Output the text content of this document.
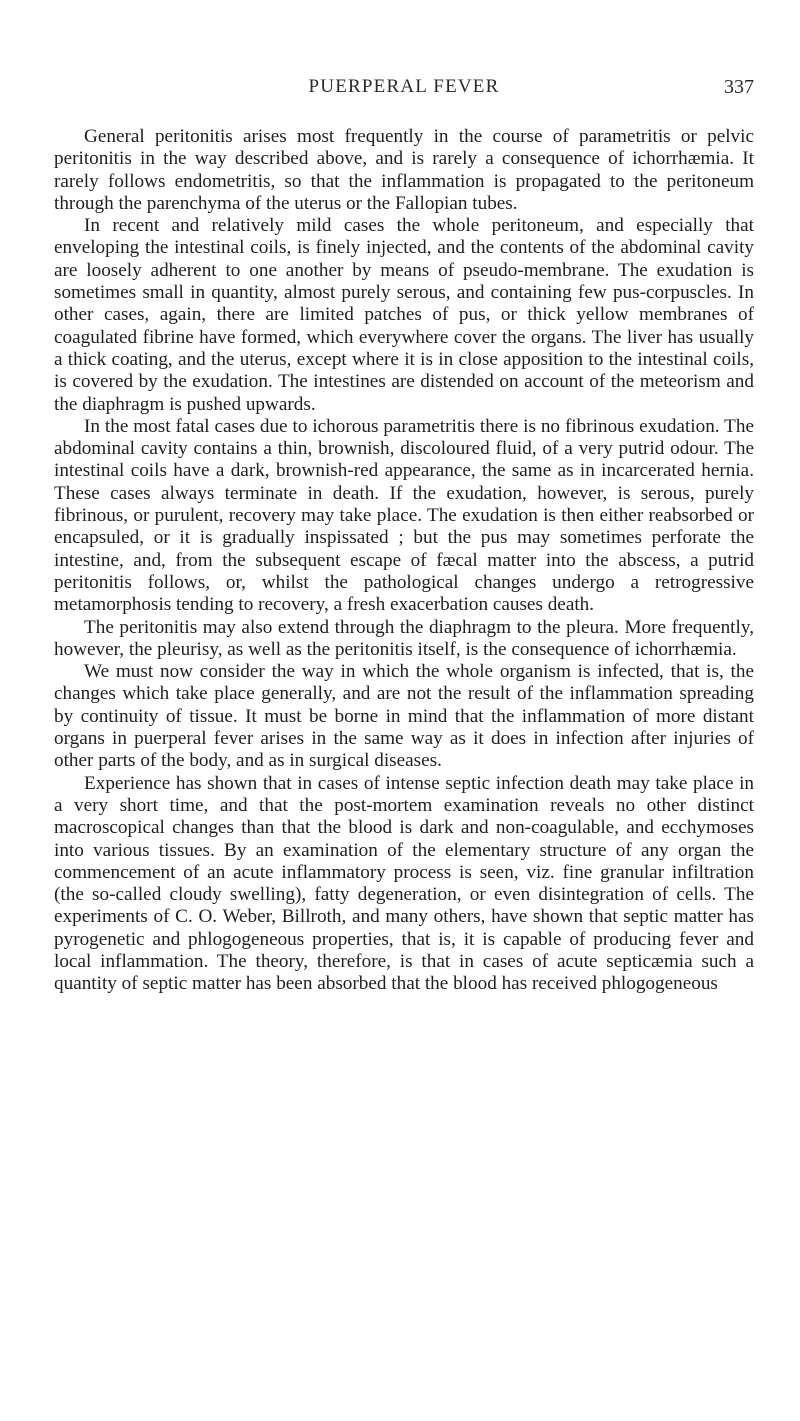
PUERPERAL FEVER	337

General peritonitis arises most frequently in the course of parametritis or pelvic peritonitis in the way described above, and is rarely a consequence of ichorrhæmia. It rarely follows endometritis, so that the inflammation is propagated to the peritoneum through the parenchyma of the uterus or the Fallopian tubes.

In recent and relatively mild cases the whole peritoneum, and especially that enveloping the intestinal coils, is finely injected, and the contents of the abdominal cavity are loosely adherent to one another by means of pseudo-membrane. The exudation is sometimes small in quantity, almost purely serous, and containing few pus-corpuscles. In other cases, again, there are limited patches of pus, or thick yellow membranes of coagulated fibrine have formed, which everywhere cover the organs. The liver has usually a thick coating, and the uterus, except where it is in close apposition to the intestinal coils, is covered by the exudation. The intestines are distended on account of the meteorism and the diaphragm is pushed upwards.

In the most fatal cases due to ichorous parametritis there is no fibrinous exudation. The abdominal cavity contains a thin, brownish, discoloured fluid, of a very putrid odour. The intestinal coils have a dark, brownish-red appearance, the same as in incarcerated hernia. These cases always terminate in death. If the exudation, however, is serous, purely fibrinous, or purulent, recovery may take place. The exudation is then either reabsorbed or encapsuled, or it is gradually inspissated ; but the pus may sometimes perforate the intestine, and, from the subsequent escape of fæcal matter into the abscess, a putrid peritonitis follows, or, whilst the pathological changes undergo a retrogressive metamorphosis tending to recovery, a fresh exacerbation causes death.

The peritonitis may also extend through the diaphragm to the pleura. More frequently, however, the pleurisy, as well as the peritonitis itself, is the consequence of ichorrhæmia.

We must now consider the way in which the whole organism is infected, that is, the changes which take place generally, and are not the result of the inflammation spreading by continuity of tissue. It must be borne in mind that the inflammation of more distant organs in puerperal fever arises in the same way as it does in infection after injuries of other parts of the body, and as in surgical diseases.

Experience has shown that in cases of intense septic infection death may take place in a very short time, and that the post-mortem examination reveals no other distinct macroscopical changes than that the blood is dark and non-coagulable, and ecchymoses into various tissues. By an examination of the elementary structure of any organ the commencement of an acute inflammatory process is seen, viz. fine granular infiltration (the so-called cloudy swelling), fatty degeneration, or even disintegration of cells. The experiments of C. O. Weber, Billroth, and many others, have shown that septic matter has pyrogenetic and phlogogeneous properties, that is, it is capable of producing fever and local inflammation. The theory, therefore, is that in cases of acute septicæmia such a quantity of septic matter has been absorbed that the blood has received phlogogeneous
